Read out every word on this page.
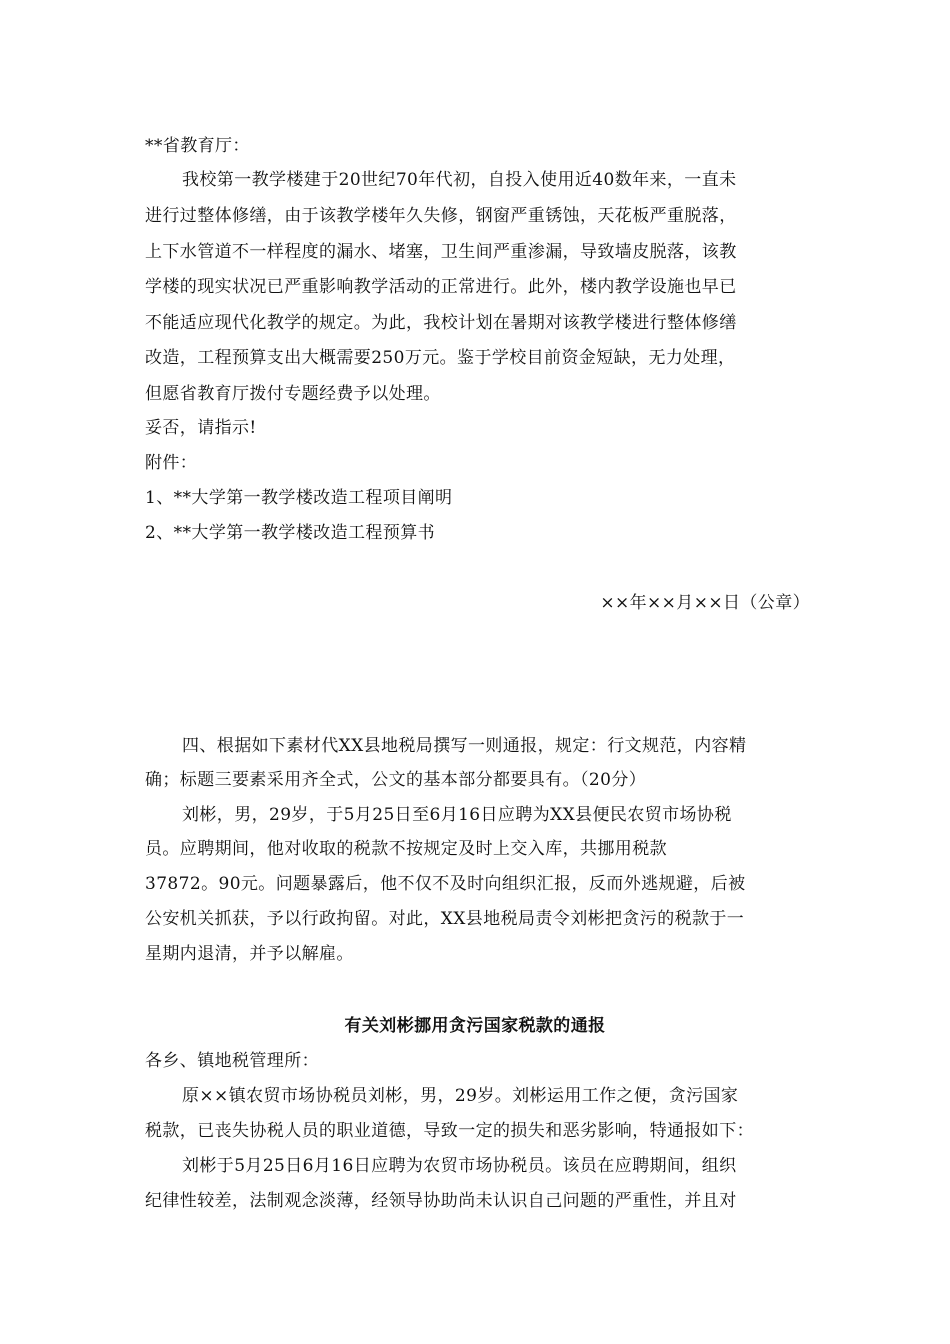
**省教育厅：
我校第一教学楼建于20世纪70年代初，自投入使用近40数年来，一直未
进行过整体修缮，由于该教学楼年久失修，钢窗严重锈蚀，天花板严重脱落，
上下水管道不一样程度的漏水、堵塞，卫生间严重渗漏，导致墙皮脱落，该教
学楼的现实状况已严重影响教学活动的正常进行。此外，楼内教学设施也早已
不能适应现代化教学的规定。为此，我校计划在暑期对该教学楼进行整体修缮
改造，工程预算支出大概需要250万元。鉴于学校目前资金短缺，无力处理，
但愿省教育厅拨付专题经费予以处理。
妥否，请指示!
附件：
1、**大学第一教学楼改造工程项目阐明
2、**大学第一教学楼改造工程预算书
××年××月××日（公章）
四、根据如下素材代XX县地税局撰写一则通报，规定：行文规范，内容精
确；标题三要素采用齐全式，公文的基本部分都要具有。（20分）
刘彬，男，29岁，于5月25日至6月16日应聘为XX县便民农贸市场协税
员。应聘期间，他对收取的税款不按规定及时上交入库，共挪用税款
37872。90元。问题暴露后，他不仅不及时向组织汇报，反而外逃规避，后被
公安机关抓获，予以行政拘留。对此，XX县地税局责令刘彬把贪污的税款于一
星期内退清，并予以解雇。
有关刘彬挪用贪污国家税款的通报
各乡、镇地税管理所：
原××镇农贸市场协税员刘彬，男，29岁。刘彬运用工作之便，贪污国家
税款，已丧失协税人员的职业道德，导致一定的损失和恶劣影响，特通报如下：
刘彬于5月25日6月16日应聘为农贸市场协税员。该员在应聘期间，组织
纪律性较差，法制观念淡薄，经领导协助尚未认识自己问题的严重性，并且对
